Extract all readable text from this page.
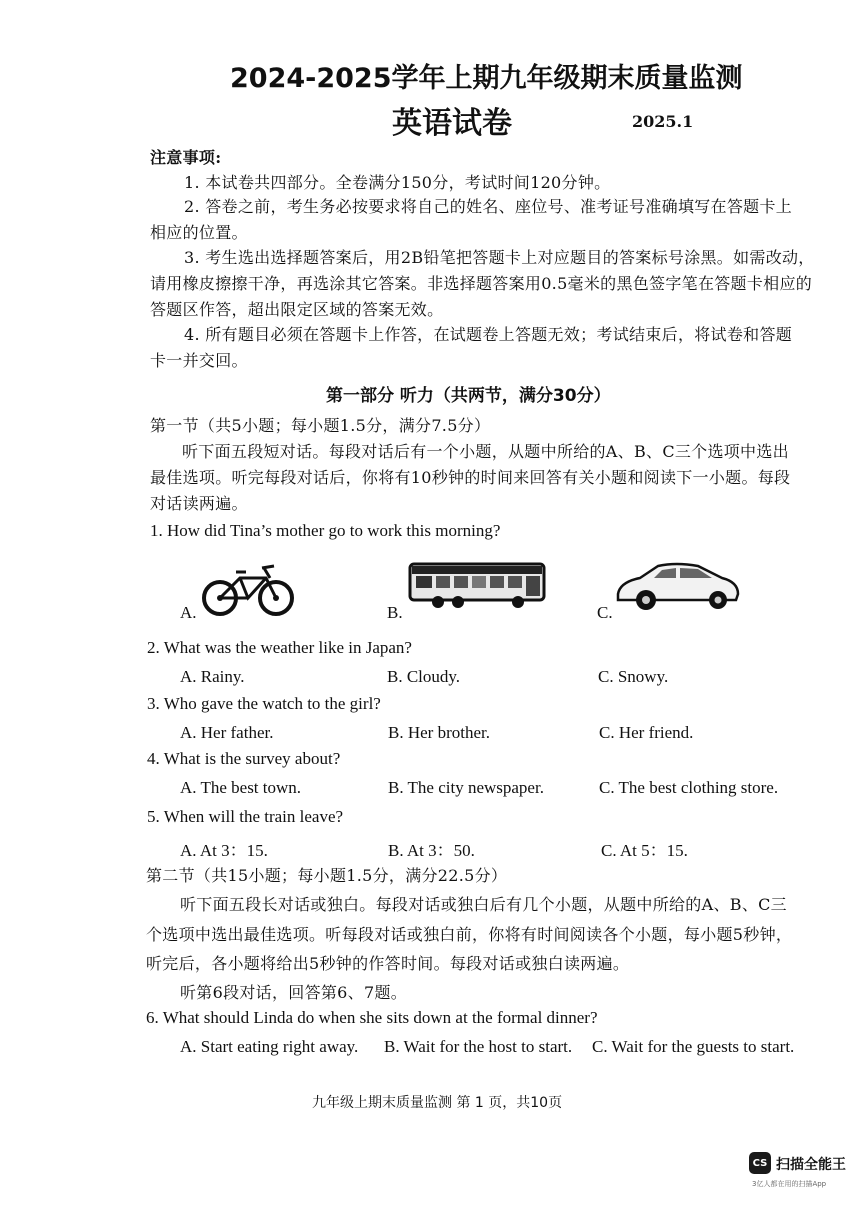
2024-2025学年上期九年级期末质量监测
英语试卷	2025.1
注意事项:
1. 本试卷共四部分。全卷满分150分，考试时间120分钟。
2. 答卷之前，考生务必按要求将自己的姓名、座位号、准考证号准确填写在答题卡上
相应的位置。
3. 考生选出选择题答案后，用2B铅笔把答题卡上对应题目的答案标号涂黑。如需改动，
请用橡皮擦擦干净，再选涂其它答案。非选择题答案用0.5毫米的黑色签字笔在答题卡相应的
答题区作答，超出限定区域的答案无效。
4. 所有题目必须在答题卡上作答，在试题卷上答题无效；考试结束后，将试卷和答题
卡一并交回。
第一部分 听力（共两节，满分30分）
第一节（共5小题；每小题1.5分，满分7.5分）
听下面五段短对话。每段对话后有一个小题，从题中所给的A、B、C三个选项中选出
最佳选项。听完每段对话后，你将有10秒钟的时间来回答有关小题和阅读下一小题。每段
对话读两遍。
1. How did Tina’s mother go to work this morning?
A.	B.	C.
2. What was the weather like in Japan?
A. Rainy.	B. Cloudy.	C. Snowy.
3. Who gave the watch to the girl?
A. Her father.	B. Her brother.	C. Her friend.
4. What is the survey about?
A. The best town.	B. The city newspaper.	C. The best clothing store.
5. When will the train leave?
A. At 3：15.	B. At 3：50.	C. At 5：15.
第二节（共15小题；每小题1.5分，满分22.5分）
听下面五段长对话或独白。每段对话或独白后有几个小题，从题中所给的A、B、C三
个选项中选出最佳选项。听每段对话或独白前，你将有时间阅读各个小题，每小题5秒钟，
听完后，各小题将给出5秒钟的作答时间。每段对话或独白读两遍。
听第6段对话，回答第6、7题。
6. What should Linda do when she sits down at the formal dinner?
A. Start eating right away. B. Wait for the host to start. C. Wait for the guests to start.
九年级上期末质量监测 第 1 页，共10页
CS 扫描全能王
3亿人都在用的扫描App
